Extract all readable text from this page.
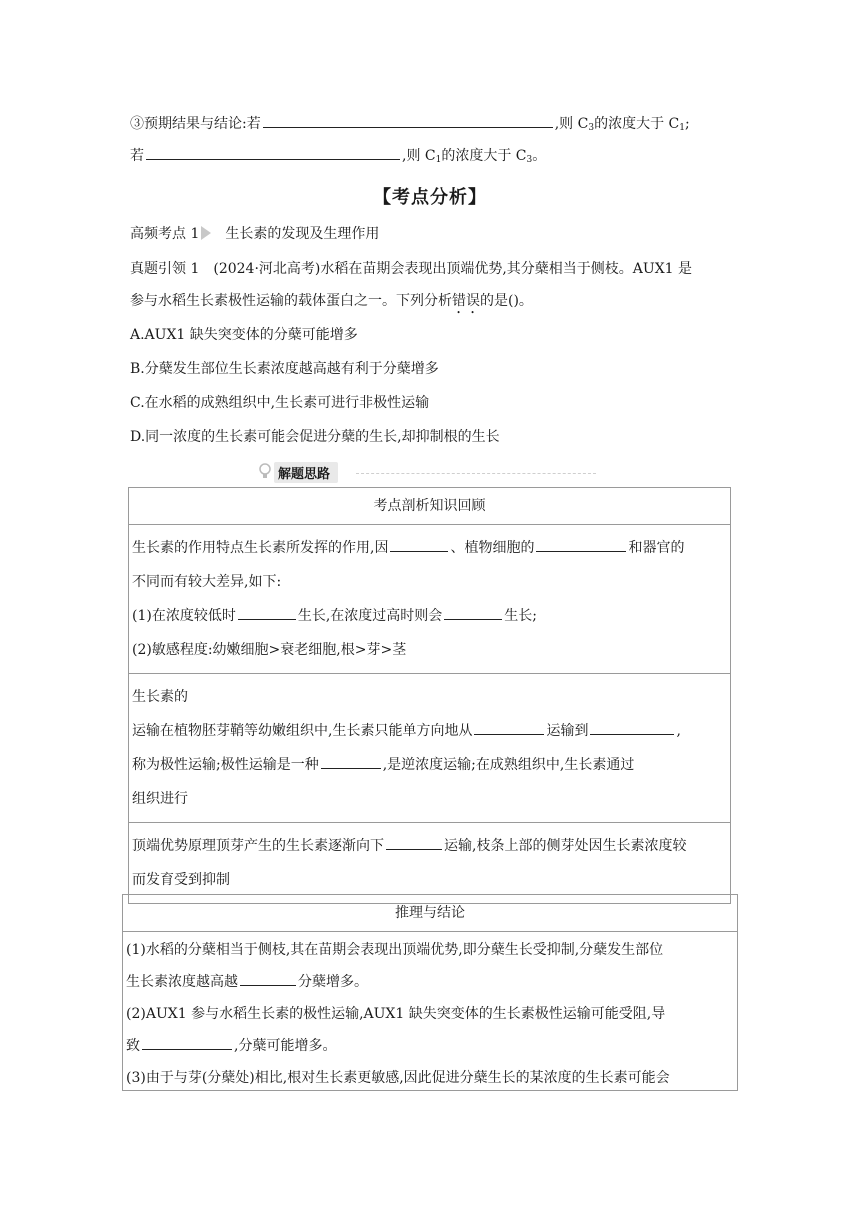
③预期结果与结论:若	,则 $C_3$的浓度大于 $C_1$;
若	,则 $C_1$的浓度大于 $C_3$。
【考点分析】
高频考点 1 生长素的发现及生理作用
真题引领 1　(2024·河北高考)水稻在苗期会表现出顶端优势,其分蘖相当于侧枝。AUX1 是
参与水稻生长素极性运输的载体蛋白之一。下列分析错误的是()。
A.AUX1 缺失突变体的分蘖可能增多
B.分蘖发生部位生长素浓度越高越有利于分蘖增多
C.在水稻的成熟组织中,生长素可进行非极性运输
D.同一浓度的生长素可能会促进分蘖的生长,却抑制根的生长
解题思路
考点剖析知识回顾

生长素的作用特点生长素所发挥的作用,因	、植物细胞的	和器官的
不同而有较大差异,如下:
(1)在浓度较低时	生长,在浓度过高时则会	生长;
(2)敏感程度:幼嫩细胞>衰老细胞,根>芽>茎

生长素的
运输在植物胚芽鞘等幼嫩组织中,生长素只能单方向地从	运输到	,
称为极性运输;极性运输是一种	,是逆浓度运输;在成熟组织中,生长素通过
组织进行

顶端优势原理顶芽产生的生长素逐渐向下	运输,枝条上部的侧芽处因生长素浓度较
而发育受到抑制
推理与结论

(1)水稻的分蘖相当于侧枝,其在苗期会表现出顶端优势,即分蘖生长受抑制,分蘖发生部位
生长素浓度越高越	分蘖增多。
(2)AUX1 参与水稻生长素的极性运输,AUX1 缺失突变体的生长素极性运输可能受阻,导
致	,分蘖可能增多。
(3)由于与芽(分蘖处)相比,根对生长素更敏感,因此促进分蘖生长的某浓度的生长素可能会
